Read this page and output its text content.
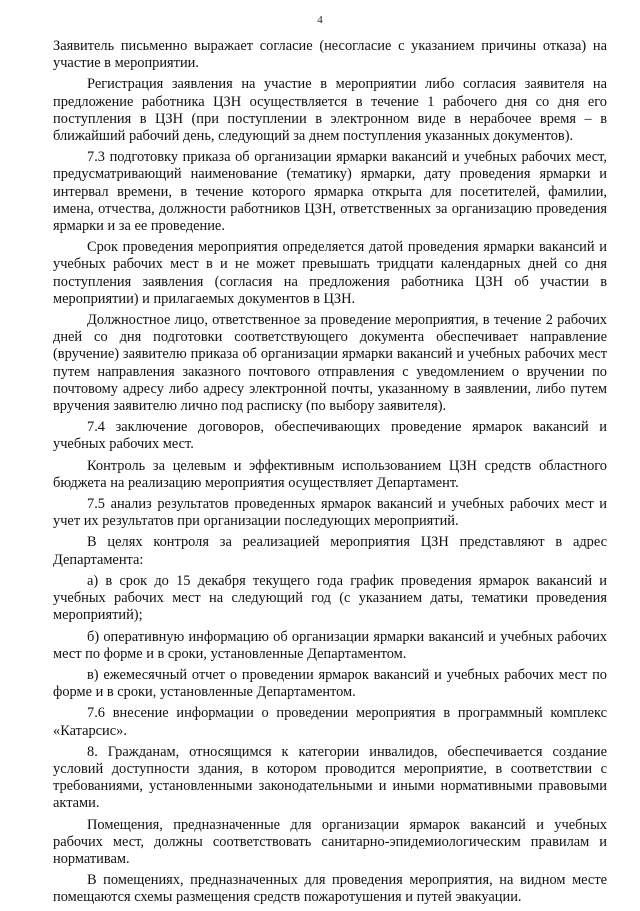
4

Заявитель письменно выражает согласие (несогласие с указанием причины отказа) на участие в мероприятии.

Регистрация заявления на участие в мероприятии либо согласия заявителя на предложение работника ЦЗН осуществляется в течение 1 рабочего дня со дня его поступления в ЦЗН (при поступлении в электронном виде в нерабочее время – в ближайший рабочий день, следующий за днем поступления указанных документов).

7.3 подготовку приказа об организации ярмарки вакансий и учебных рабочих мест, предусматривающий наименование (тематику) ярмарки, дату проведения ярмарки и интервал времени, в течение которого ярмарка открыта для посетителей, фамилии, имена, отчества, должности работников ЦЗН, ответственных за организацию проведения ярмарки и за ее проведение.

Срок проведения мероприятия определяется датой проведения ярмарки вакансий и учебных рабочих мест в и не может превышать тридцати календарных дней со дня поступления заявления (согласия на предложения работника ЦЗН об участии в мероприятии) и прилагаемых документов в ЦЗН.

Должностное лицо, ответственное за проведение мероприятия, в течение 2 рабочих дней со дня подготовки соответствующего документа обеспечивает направление (вручение) заявителю приказа об организации ярмарки вакансий и учебных рабочих мест путем направления заказного почтового отправления с уведомлением о вручении по почтовому адресу либо адресу электронной почты, указанному в заявлении, либо путем вручения заявителю лично под расписку (по выбору заявителя).

7.4 заключение договоров, обеспечивающих проведение ярмарок вакансий и учебных рабочих мест.

Контроль за целевым и эффективным использованием ЦЗН средств областного бюджета на реализацию мероприятия осуществляет Департамент.

7.5 анализ результатов проведенных ярмарок вакансий и учебных рабочих мест и учет их результатов при организации последующих мероприятий.

В целях контроля за реализацией мероприятия ЦЗН представляют в адрес Департамента:

а) в срок до 15 декабря текущего года график проведения ярмарок вакансий и учебных рабочих мест на следующий год (с указанием даты, тематики проведения мероприятий);

б) оперативную информацию об организации ярмарки вакансий и учебных рабочих мест по форме и в сроки, установленные Департаментом.

в) ежемесячный отчет о проведении ярмарок вакансий и учебных рабочих мест по форме и в сроки, установленные Департаментом.

7.6 внесение информации о проведении мероприятия в программный комплекс «Катарсис».

8. Гражданам, относящимся к категории инвалидов, обеспечивается создание условий доступности здания, в котором проводится мероприятие, в соответствии с требованиями, установленными законодательными и иными нормативными правовыми актами.

Помещения, предназначенные для организации ярмарок вакансий и учебных рабочих мест, должны соответствовать санитарно-эпидемиологическим правилам и нормативам.

В помещениях, предназначенных для проведения мероприятия, на видном месте помещаются схемы размещения средств пожаротушения и путей эвакуации.
